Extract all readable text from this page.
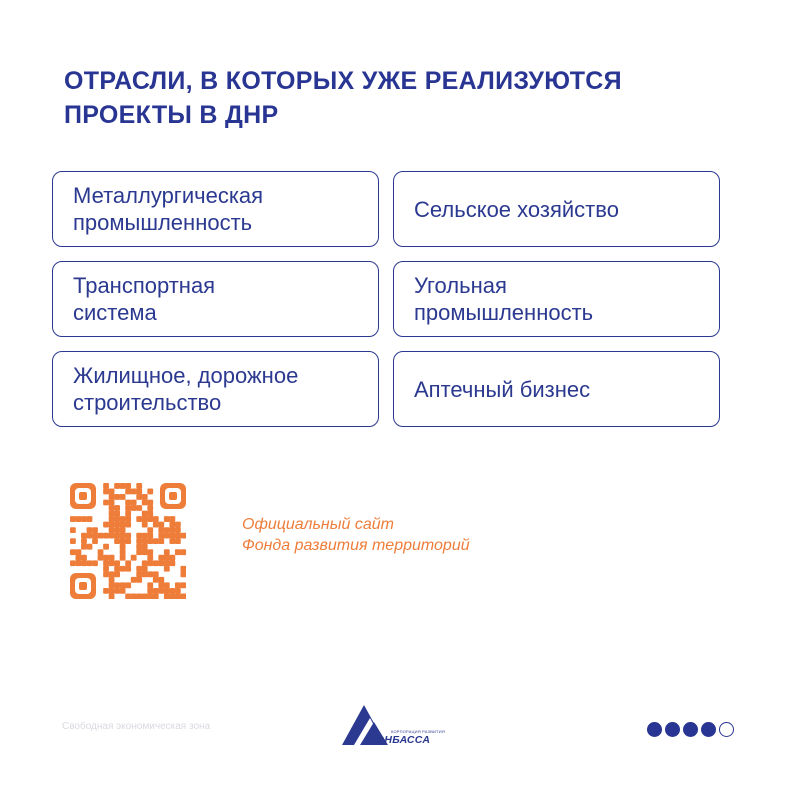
ОТРАСЛИ, В КОТОРЫХ УЖЕ РЕАЛИЗУЮТСЯ ПРОЕКТЫ В ДНР
Металлургическая
промышленность
Сельское хозяйство
Транспортная
система
Угольная
промышленность
Жилищное, дорожное
строительство
Аптечный бизнес
Официальный сайт
Фонда развития территорий
Свободная экономическая зона	КОРПОРАЦИЯ РАЗВИТИЯ
ДОНБАССА
